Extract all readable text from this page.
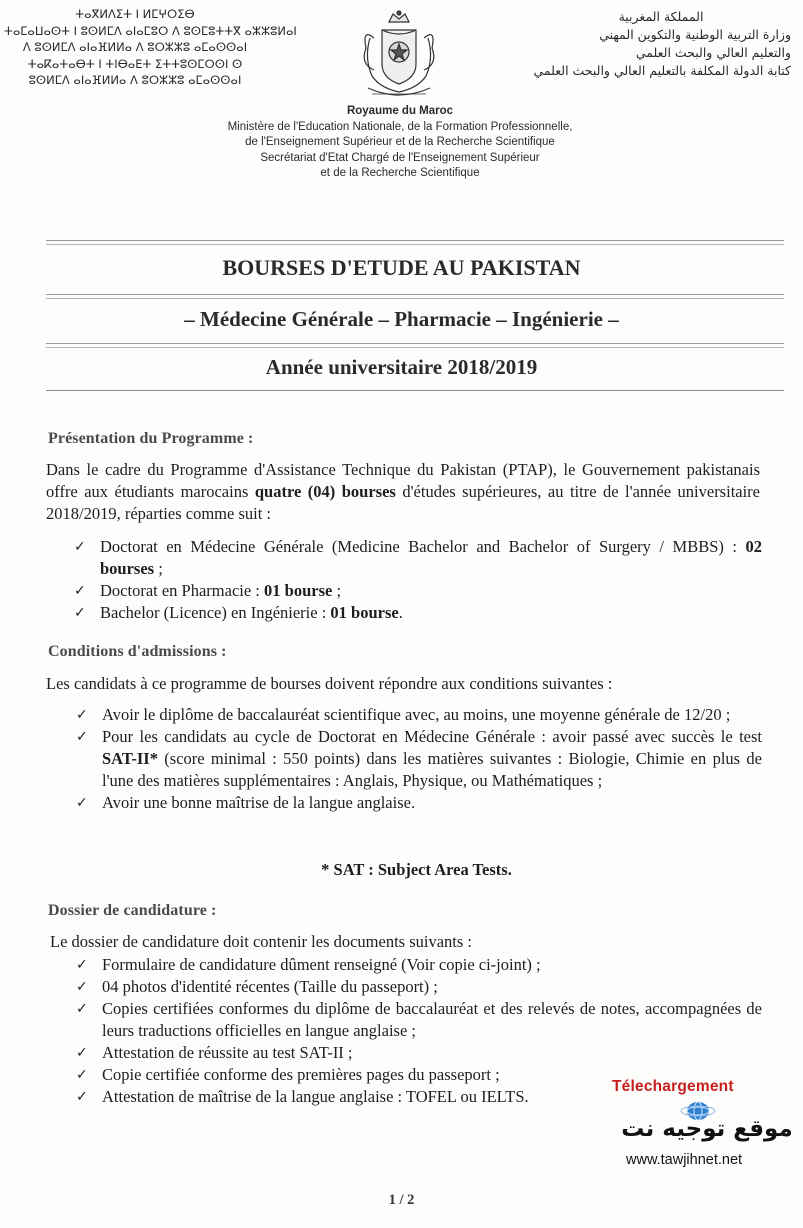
ⵜⴰⴳⵍⴷⵉⵜ ⵏ ⵍⵎⵖⵔⵉⴱ
ⵜⴰⵎⴰⵡⴰⵙⵜ ⵏ ⵓⵙⵍⵎⴷ ⴰⵏⴰⵎⵓⵔ ⴷ ⵓⵙⵎⵓⵜⵜⴳ ⴰⵣⵣⵓⵍⴰⵏ
ⴷ ⵓⵙⵍⵎⴷ ⴰⵏⴰⴼⵍⵍⴰ ⴷ ⵓⵔⵣⵣⵓ ⴰⵎⴰⵙⵙⴰⵏ
ⵜⴰⴽⴰⵜⴰⴱⵜ ⵏ ⵜⵏⴱⴰⴹⵜ ⵉⵜⵜⵓⵙⵎⵔⵙⵏ ⵙ
ⵓⵙⵍⵎⴷ ⴰⵏⴰⴼⵍⵍⴰ ⴷ ⵓⵔⵣⵣⵓ ⴰⵎⴰⵙⵙⴰⵏ
المملكة المغربية
وزارة التربية الوطنية والتكوين المهني
والتعليم العالي والبحث العلمي
كتابة الدولة المكلفة بالتعليم العالي والبحث العلمي
Royaume du Maroc
Ministère de l'Education Nationale, de la Formation Professionnelle,
de l'Enseignement Supérieur et de la Recherche Scientifique
Secrétariat d'Etat Chargé de l'Enseignement Supérieur
et de la Recherche Scientifique
BOURSES D'ETUDE AU PAKISTAN
– Médecine Générale – Pharmacie – Ingénierie –
Année universitaire 2018/2019
Présentation du Programme :
Dans le cadre du Programme d'Assistance Technique du Pakistan (PTAP), le Gouvernement pakistanais offre aux étudiants marocains quatre (04) bourses d'études supérieures, au titre de l'année universitaire 2018/2019, réparties comme suit :
✓ Doctorat en Médecine Générale (Medicine Bachelor and Bachelor of Surgery / MBBS) : 02 bourses ;
✓ Doctorat en Pharmacie : 01 bourse ;
✓ Bachelor (Licence) en Ingénierie : 01 bourse.
Conditions d'admissions :
Les candidats à ce programme de bourses doivent répondre aux conditions suivantes :
✓ Avoir le diplôme de baccalauréat scientifique avec, au moins, une moyenne générale de 12/20 ;
✓ Pour les candidats au cycle de Doctorat en Médecine Générale : avoir passé avec succès le test SAT-II* (score minimal : 550 points) dans les matières suivantes : Biologie, Chimie en plus de l'une des matières supplémentaires : Anglais, Physique, ou Mathématiques ;
✓ Avoir une bonne maîtrise de la langue anglaise.
* SAT : Subject Area Tests.
Dossier de candidature :
Le dossier de candidature doit contenir les documents suivants :
✓ Formulaire de candidature dûment renseigné (Voir copie ci-joint) ;
✓ 04 photos d'identité récentes (Taille du passeport) ;
✓ Copies certifiées conformes du diplôme de baccalauréat et des relevés de notes, accompagnées de leurs traductions officielles en langue anglaise ;
✓ Attestation de réussite au test SAT-II ;
✓ Copie certifiée conforme des premières pages du passeport ;
✓ Attestation de maîtrise de la langue anglaise : TOFEL ou IELTS.
Télechargement
موقع توجيه نت
www.tawjihnet.net
1 / 2
